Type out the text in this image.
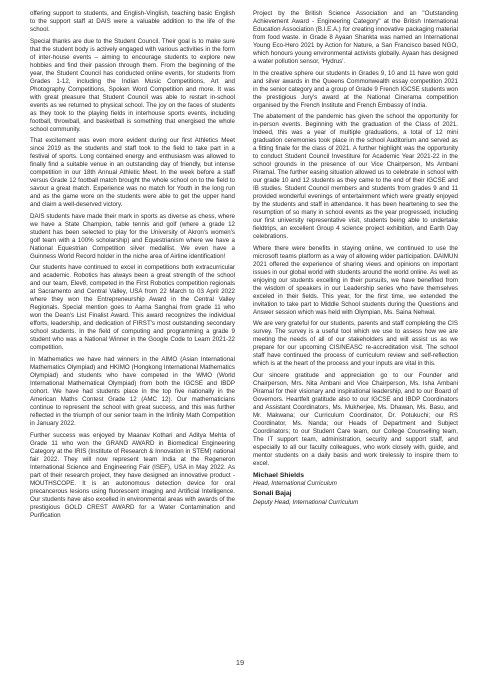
offering support to students, and English-Vinglish, teaching basic English to the support staff at DAIS were a valuable addition to the life of the school.

Special thanks are due to the Student Council. Their goal is to make sure that the student body is actively engaged with various activities in the form of inter-house events – aiming to encourage students to explore new hobbies and find their passion through them. From the beginning of the year, the Student Council has conducted online events, for students from Grades 1-12, including the Indian Music Competitions, Art and Photography Competitions, Spoken Word Competition and more. It was with great pleasure that Student Council was able to restart in-school events as we returned to physical school. The joy on the faces of students as they took to the playing fields in interhouse sports events, including football, throwball, and basketball is something that energised the whole school community.

That excitement was even more evident during our first Athletics Meet since 2019 as the students and staff took to the field to take part in a festival of sports. Long contained energy and enthusiasm was allowed to finally find a suitable venue in an outstanding day of friendly, but intense competition in our 18th Annual Athletic Meet. In the week before a staff versus Grade 12 football match brought the whole school on to the field to savour a great match. Experience was no match for Youth in the long run and as the game wore on the students were able to get the upper hand and claim a well-deserved victory.

DAIS students have made their mark in sports as diverse as chess, where we have a State Champion, table tennis and golf (where a grade 12 student has been selected to play for the University of Akron's women's golf team with a 100% scholarship) and Equestrianism where we have a National Equestrian Competition silver medallist. We even have a Guinness World Record holder in the niche area of Airline identification!

Our students have continued to excel in competitions both extracurricular and academic. Robotics has always been a great strength of the school and our team, Elev8, competed in the First Robotics competition regionals at Sacramento and Central Valley, USA from 22 March to 03 April 2022 where they won the Entrepreneurship Award in the Central Valley Regionals. Special mention goes to Aarna Sanghai from grade 11 who won the Dean's List Finalist Award. This award recognizes the individual efforts, leadership, and dedication of FIRST's most outstanding secondary school students. In the field of computing and programming a grade 9 student who was a National Winner in the Google Code to Learn 2021-22 competition.

In Mathematics we have had winners in the AIMO (Asian International Mathematics Olympiad) and HKIMO (Hongkong International Mathematics Olympiad) and students who have competed in the WMO (World International Mathematical Olympiad) from both the IGCSE and IBDP cohort. We have had students place in the top five nationally in the American Maths Contest Grade 12 (AMC 12). Our mathematicians continue to represent the school with great success, and this was further reflected in the triumph of our senior team in the Infinity Math Competition in January 2022.

Further success was enjoyed by Maanav Kothari and Aditya Mehta of Grade 11 who won the GRAND AWARD in Biomedical Engineering Category at the IRIS (Institute of Research & Innovation in STEM) national fair 2022. They will now represent team India at the Regeneron International Science and Engineering Fair (ISEF), USA in May 2022. As part of their research project, they have designed an innovative product -MOUTHSCOPE. It is an autonomous detection device for oral precancerous lesions using fluorescent imaging and Artificial Intelligence. Our students have also excelled in environmental areas with awards of the prestigious GOLD CREST AWARD for a Water Contamination and Purification

Project by the British Science Association and an "Outstanding Achievement Award - Engineering Category" at the British International Education Association (B.I.E.A.) for creating innovative packaging material from food waste. in Grade 8 Ayaan Shankta was named an International Young Eco-Hero 2021 by Action for Nature, a San Francisco based NGO, which honours young environmental activists globally. Ayaan has designed a water pollution sensor, 'Hydrus'.

In the creative sphere our students in Grades 9, 10 and 11 have won gold and silver awards in the Queens Commonwealth essay competition 2021 in the senior category and a group of Grade 9 French IGCSE students won the prestigious Jury's award at the National Cinerama competition organised by the French Institute and French Embassy of India.

The abatement of the pandemic has given the school the opportunity for in-person events. Beginning with the graduation of the Class of 2021. Indeed, this was a year of multiple graduations, a total of 12 mini graduation ceremonies took place in the school Auditorium and served as a fitting finale for the class of 2021. A further highlight was the opportunity to conduct Student Council Investiture for Academic Year 2021-22 in the school grounds in the presence of our Vice Chairperson, Ms Ambani Piramal. The further easing situation allowed us to celebrate in school with our grade 10 and 12 students as they came to the end of their IGCSE and IB studies. Student Council members and students from grades 9 and 11 provided wonderful evenings of entertainment which were greatly enjoyed by the students and staff in attendance. It has been heartening to see the resumption of so many in school events as the year progressed, including our first university representative visit, students being able to undertake fieldtrips, an excellent Group 4 science project exhibition, and Earth Day celebrations.

Where there were benefits in staying online, we continued to use the microsoft teams platform as a way of allowing wider participation. DAIMUN 2021 offered the experience of sharing views and opinions on important issues in our global world with students around the world online. As well as enjoying our students excelling in their pursuits, we have benefited from the wisdom of speakers in our Leadership series who have themselves exceled in their fields. This year, for the first time, we extended the invitation to take part to Middle School students during the Questions and Answer session which was held with Olympian, Ms. Saina Nehwal.

We are very grateful for our students, parents and staff completing the CIS survey. The survey is a useful tool which we use to assess how we are meeting the needs of all of our stakeholders and will assist us as we prepare for our upcoming CIS/NEASC re-accreditation visit. The school staff have continued the process of curriculum review and self-reflection which is at the heart of the process and your inputs are vital in this.

Our sincere gratitude and appreciation go to our Founder and Chairperson, Mrs. Nita Ambani and Vice Chairperson, Ms. Isha Ambani Piramal for their visionary and inspirational leadership, and to our Board of Governors. Heartfelt gratitude also to our IGCSE and IBDP Coordinators and Assistant Coordinators, Ms. Mukherjee, Ms. Dhawan, Ms. Basu, and Mr. Makwana; our Curriculum Coordinator, Dr. Potukuchi; our RS Coordinator, Ms. Nanda; our Heads of Department and Subject Coordinators; to our Student Care team, our College Counselling team, The IT support team, administration, security and support staff, and especially to all our faculty colleagues, who work closely with, guide, and mentor students on a daily basis and work tirelessly to inspire them to excel.

Michael Shields

Head, International Curriculum

Sonali Bajaj

Deputy Head, International Curriculum

19
